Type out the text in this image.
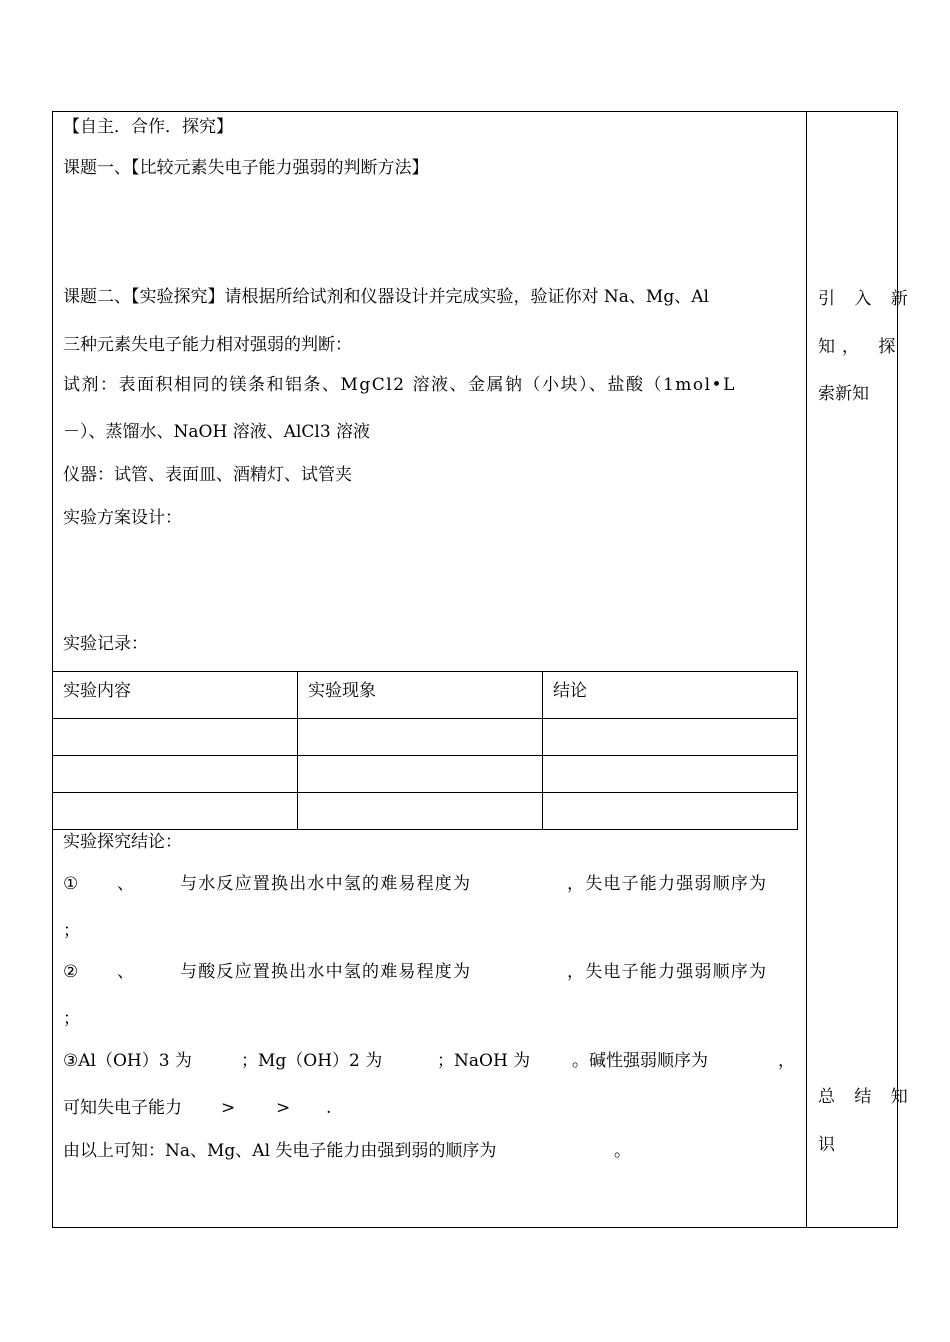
【自主．合作．探究】
课题一、【比较元素失电子能力强弱的判断方法】
课题二、【实验探究】请根据所给试剂和仪器设计并完成实验，验证你对 Na、Mg、Al
三种元素失电子能力相对强弱的判断：
试剂：表面积相同的镁条和铝条、MgCl2 溶液、金属钠（小块）、盐酸（1mol•L
－）、蒸馏水、NaOH 溶液、AlCl3 溶液
仪器：试管、表面皿、酒精灯、试管夹
实验方案设计：
实验记录：
实验内容	实验现象	结论

实验探究结论：
① 、	与水反应置换出水中氢的难易程度为	，失电子能力强弱顺序为
；
② 、	与酸反应置换出水中氢的难易程度为	，失电子能力强弱顺序为
；
③Al（OH）3 为	；Mg（OH）2 为	；NaOH 为 。碱性强弱顺序为	，
可知失电子能力 > > .
由以上可知：Na、Mg、Al 失电子能力由强到弱的顺序为	。
引 入 新
知， 探
索新知
总 结 知
识
